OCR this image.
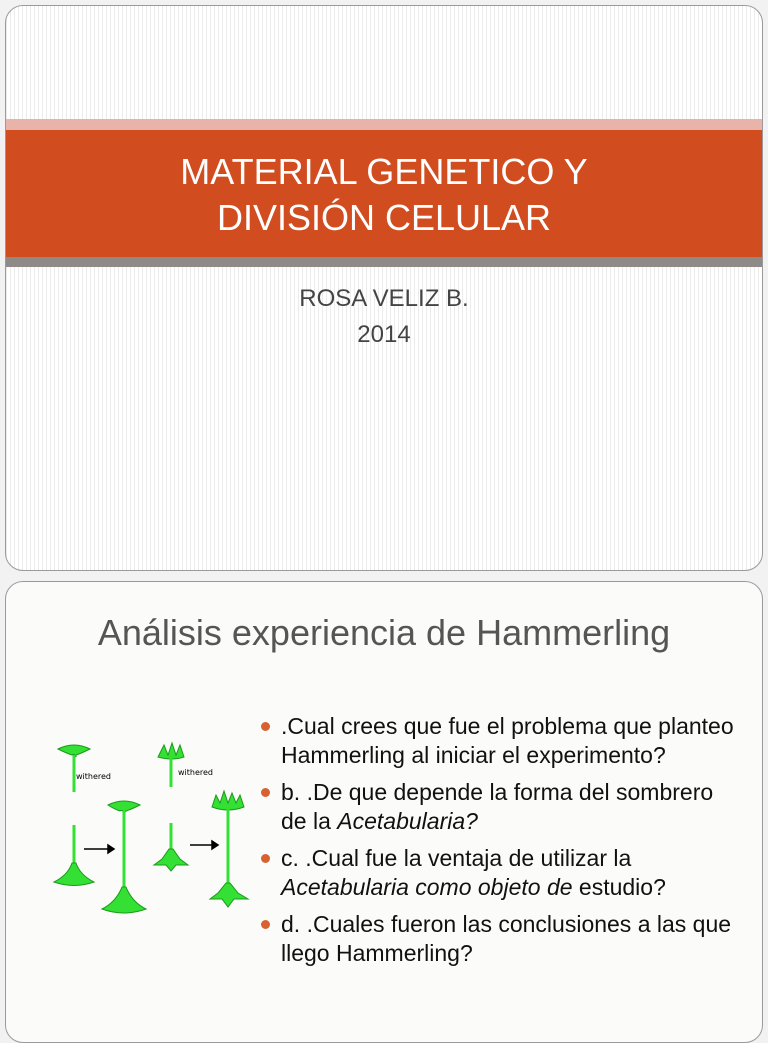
MATERIAL GENETICO Y
DIVISIÓN CELULAR
ROSA VELIZ B.
2014
Análisis experiencia de Hammerling
withered	withered
.Cual crees que fue el problema que planteo Hammerling al iniciar el experimento?
b. .De que depende la forma del sombrero de la Acetabularia?
c. .Cual fue la ventaja de utilizar la Acetabularia como objeto de estudio?
d. .Cuales fueron las conclusiones a las que llego Hammerling?
